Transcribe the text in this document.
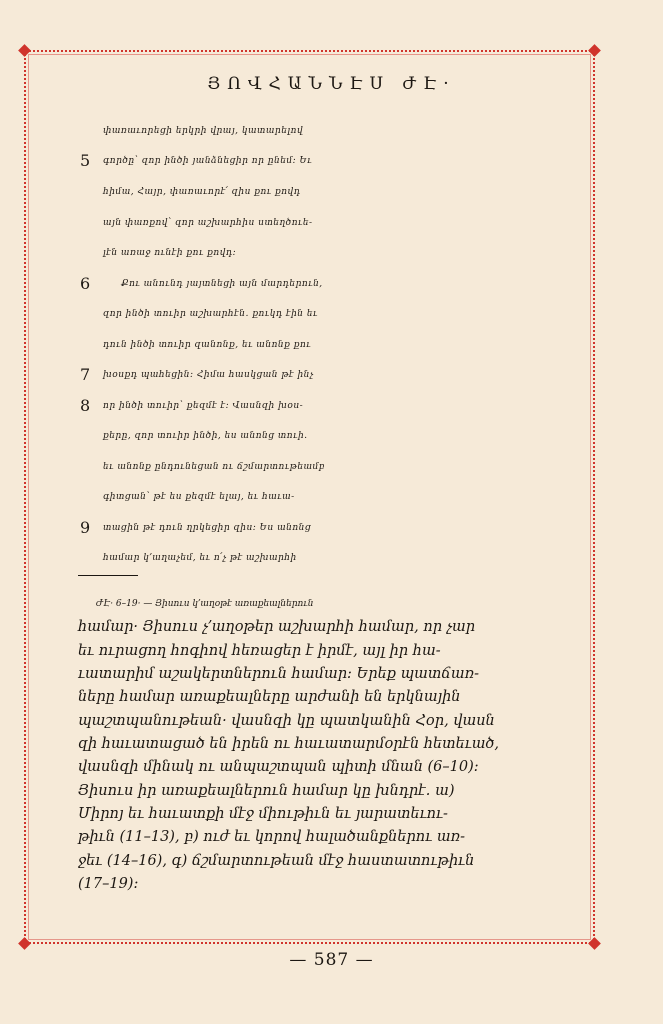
ՅՈՎՀԱՆՆԷՍ ԺԷ·
փառաւորեցի երկրի վրայ, կատարելով
5 գործը՝ զոր ինծի յանձնեցիր որ ընեմ։ Եւ
հիմա, Հայր, փառաւորէ՛ զիս քու քովդ
այն փառքով՝ զոր աշխարհիս ստեղծուե-
լէն առաջ ունէի քու քովդ։
6	Քու անունդ յայտնեցի այն մարդերուն,
զոր ինծի տուիր աշխարհէն․ քուկդ էին եւ
դուն ինծի տուիր զանոնք, եւ անոնք քու
7 խօսքդ պահեցին։ Հիմա հասկցան թէ ինչ
8 որ ինծի տուիր՝ քեզմէ է։ Վասնզի խօս-
քերը, զոր տուիր ինծի, ես անոնց տուի․
եւ անոնք ընդունեցան ու ճշմարտութեամբ
գիտցան՝ թէ ես քեզմէ ելայ, եւ հաւա-
9 տացին թէ դուն ղրկեցիր զիս։ Ես անոնց
համար կ՚աղաչեմ, եւ ո՛չ թէ աշխարհի
ԺԷ· 6–19· — Յիսուս կ՚աղօթէ առաքեալներուն
համար· Յիսուս չ՚աղօթեր աշխարհի համար, որ չար
եւ ուրացող հոգիով հեռացեր է իրմէ, այլ իր հա-
ւատարիմ աշակերտներուն համար։ Երեք պատճառ-
ները համար առաքեալները արժանի են երկնային
պաշտպանութեան· վասնզի կը պատկանին Հօր, վասն
զի հաւատացած են իրեն ու հաւատարմօրէն հետեւած,
վասնզի մինակ ու անպաշտպան պիտի մնան (6–10)։
Յիսուս իր առաքեալներուն համար կը խնդրէ․ ա)
Միրոյ եւ հաւատքի մէջ միութիւն եւ յարատեւու-
թիւն (11–13), բ) ուժ եւ կորով հալածանքներու առ-
ջեւ (14–16), գ) ճշմարտութեան մէջ հաստատութիւն
(17–19)։
— 587 —
